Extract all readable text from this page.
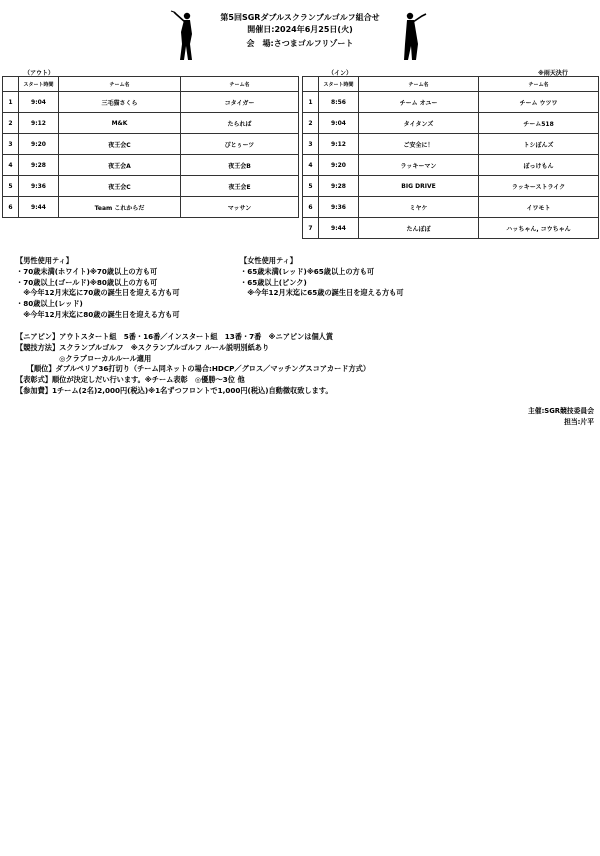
第5回SGRダブルスクランブルゴルフ組合せ
開催日:2024年6月25日(火)
会　場:さつまゴルフリゾート
（アウト）
	スタート時間	チーム名	チーム名
1	9:04	三毛猫さくら	コタイガー
2	9:12	M&K	たられば
3	9:20	夜王会C	ぴとぅーツ
4	9:28	夜王会A	夜王会B
5	9:36	夜王会C	夜王会E
6	9:44	Team これからだ	マッサン
（イン）	※雨天決行
	スタート時間	チーム名	チーム名
1	8:56	チーム オユー	チーム ウツワ
2	9:04	タイタンズ	チーム518
3	9:12	ご安全に！	トシぽんズ
4	9:20	ラッキーマン	ぽっけもん
5	9:28	BIG DRIVE	ラッキーストライク
6	9:36	ミヤケ	イワモト
7	9:44	たんぽぽ	ハッちゃん, コウちゃん
【男性使用ティ】
・70歳未満(ホワイト)※70歳以上の方も可
・70歳以上(ゴールド)※80歳以上の方も可
　※今年12月末迄に70歳の誕生日を迎える方も可
・80歳以上(レッド)
　※今年12月末迄に80歳の誕生日を迎える方も可
【女性使用ティ】
・65歳未満(レッド)※65歳以上の方も可
・65歳以上(ピンク)
　※今年12月末迄に65歳の誕生日を迎える方も可
【ニアピン】アウトスタート組　5番・16番／インスタート組　13番・7番　※ニアピンは個人賞
【競技方法】スクランブルゴルフ　※スクランブルゴルフ ルール説明別紙あり
　　　　　　◎クラブローカルルール適用
　　【順位】ダブルペリア36打切り（チーム同ネットの場合:HDCP／グロス／マッチングスコアカード方式）
【表彰式】順位が決定しだい行います。※チーム表彰　◎優勝～3位 他
【参加費】1チーム(2名)2,000円(税込)※1名ずつフロントで1,000円(税込)自動徴収致します。
主催:SGR競技委員会
担当:片平
